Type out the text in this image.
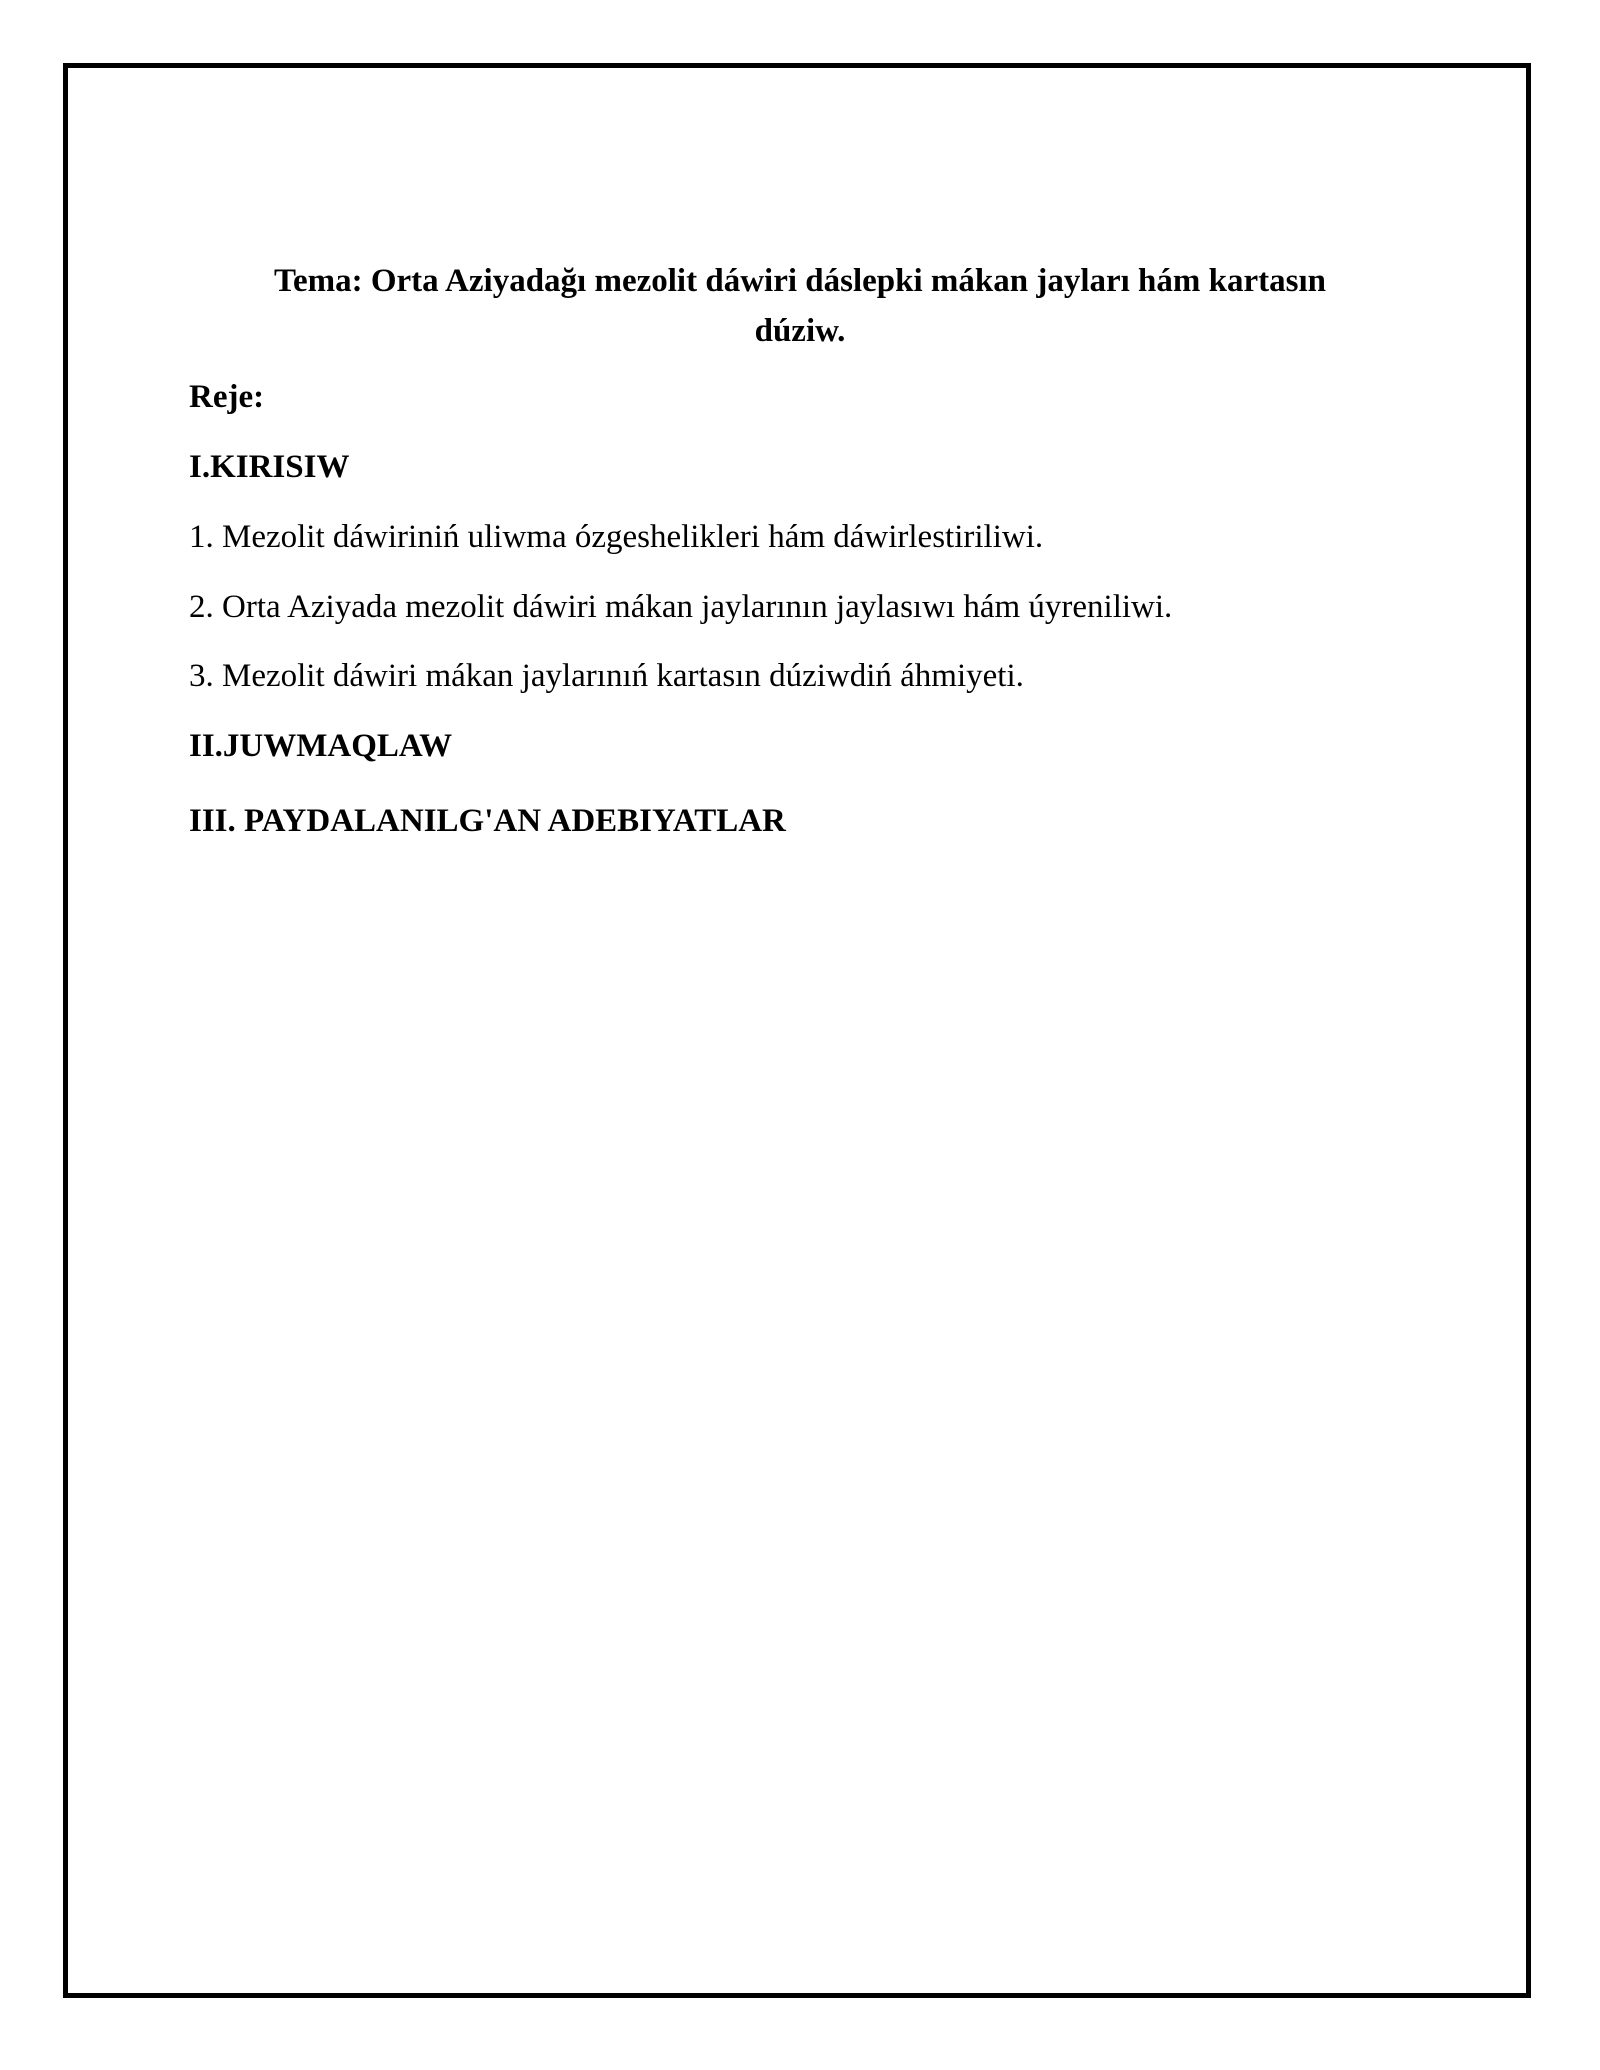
Tema: Orta Aziyadağı mezolit dáwiri dáslepki mákan jayları hám kartasın
dúziw.
Reje:
I.KIRISIW
1. Mezolit dáwiriniń uliwma ózgeshelikleri hám dáwirlestiriliwi.
2. Orta Aziyada mezolit dáwiri mákan jaylarının jaylasıwı hám úyreniliwi.
3. Mezolit dáwiri mákan jaylarınıń kartasın dúziwdiń áhmiyeti.
II.JUWMAQLAW
III. PAYDALANILG'AN ADEBIYATLAR
